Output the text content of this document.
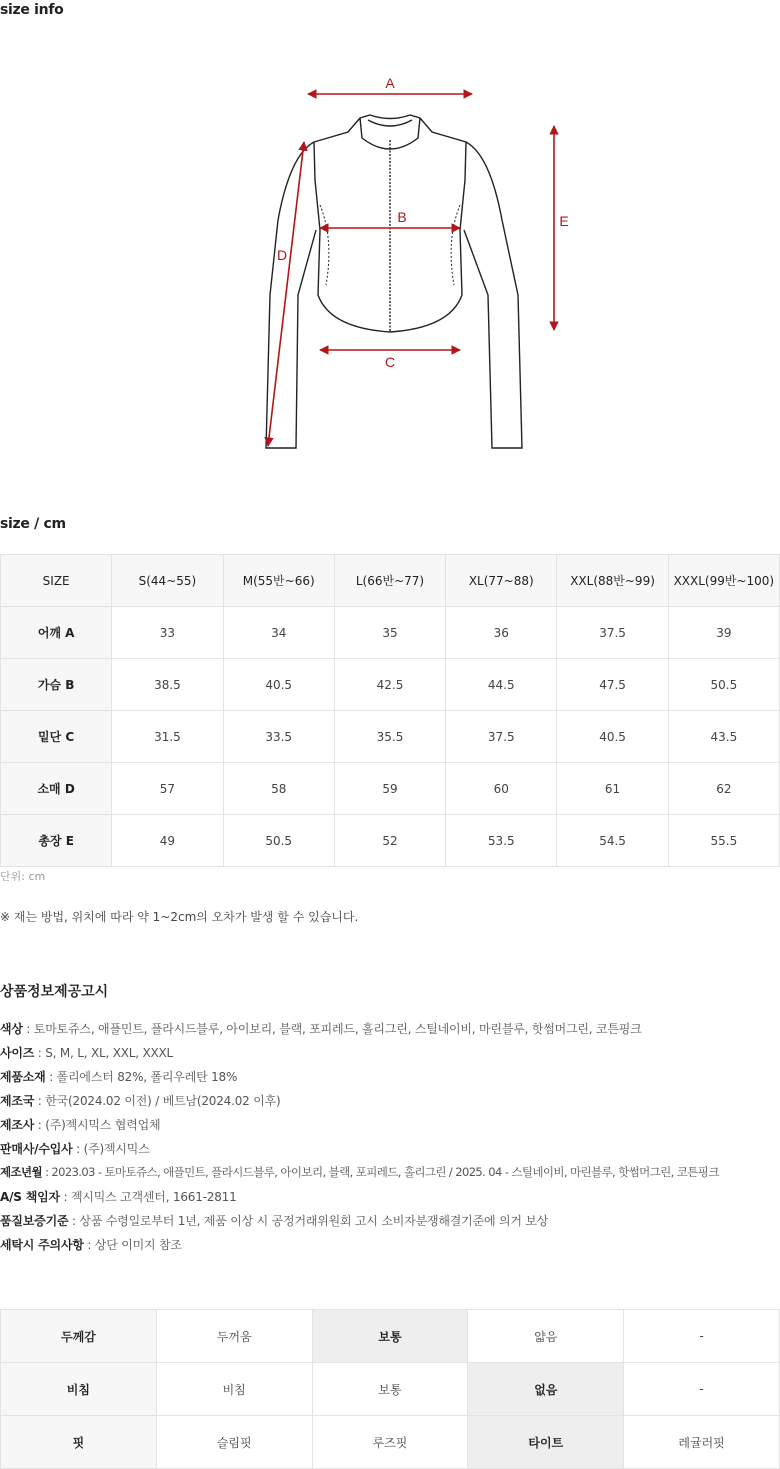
size info
A
B
C
D
E
size / cm
SIZE	S(44~55)	M(55반~66)	L(66반~77)	XL(77~88)	XXL(88반~99)	XXXL(99반~100)
어깨 A	33	34	35	36	37.5	39
가슴 B	38.5	40.5	42.5	44.5	47.5	50.5
밑단 C	31.5	33.5	35.5	37.5	40.5	43.5
소매 D	57	58	59	60	61	62
총장 E	49	50.5	52	53.5	54.5	55.5
단위: cm
※ 재는 방법, 위치에 따라 약 1~2cm의 오차가 발생 할 수 있습니다.
상품정보제공고시
색상 : 토마토쥬스, 애플민트, 플라시드블루, 아이보리, 블랙, 포피레드, 홀리그린, 스틸네이비, 마린블루, 핫썸머그린, 코튼핑크
사이즈 : S, M, L, XL, XXL, XXXL
제품소재 : 폴리에스터 82%, 폴리우레탄 18%
제조국 : 한국(2024.02 이전) / 베트남(2024.02 이후)
제조사 : (주)젝시믹스 협력업체
판매사/수입사 : (주)젝시믹스
제조년월 : 2023.03 - 토마토쥬스, 애플민트, 플라시드블루, 아이보리, 블랙, 포피레드, 홀리그린 / 2025. 04 - 스틸네이비, 마린블루, 핫썸머그린, 코튼핑크
A/S 책임자 : 젝시믹스 고객센터, 1661-2811
품질보증기준 : 상품 수령일로부터 1년, 제품 이상 시 공정거래위원회 고시 소비자분쟁해결기준에 의거 보상
세탁시 주의사항 : 상단 이미지 참조
두께감	두꺼움	보통	얇음	-
비침	비침	보통	없음	-
핏	슬림핏	루즈핏	타이트	레귤러핏
